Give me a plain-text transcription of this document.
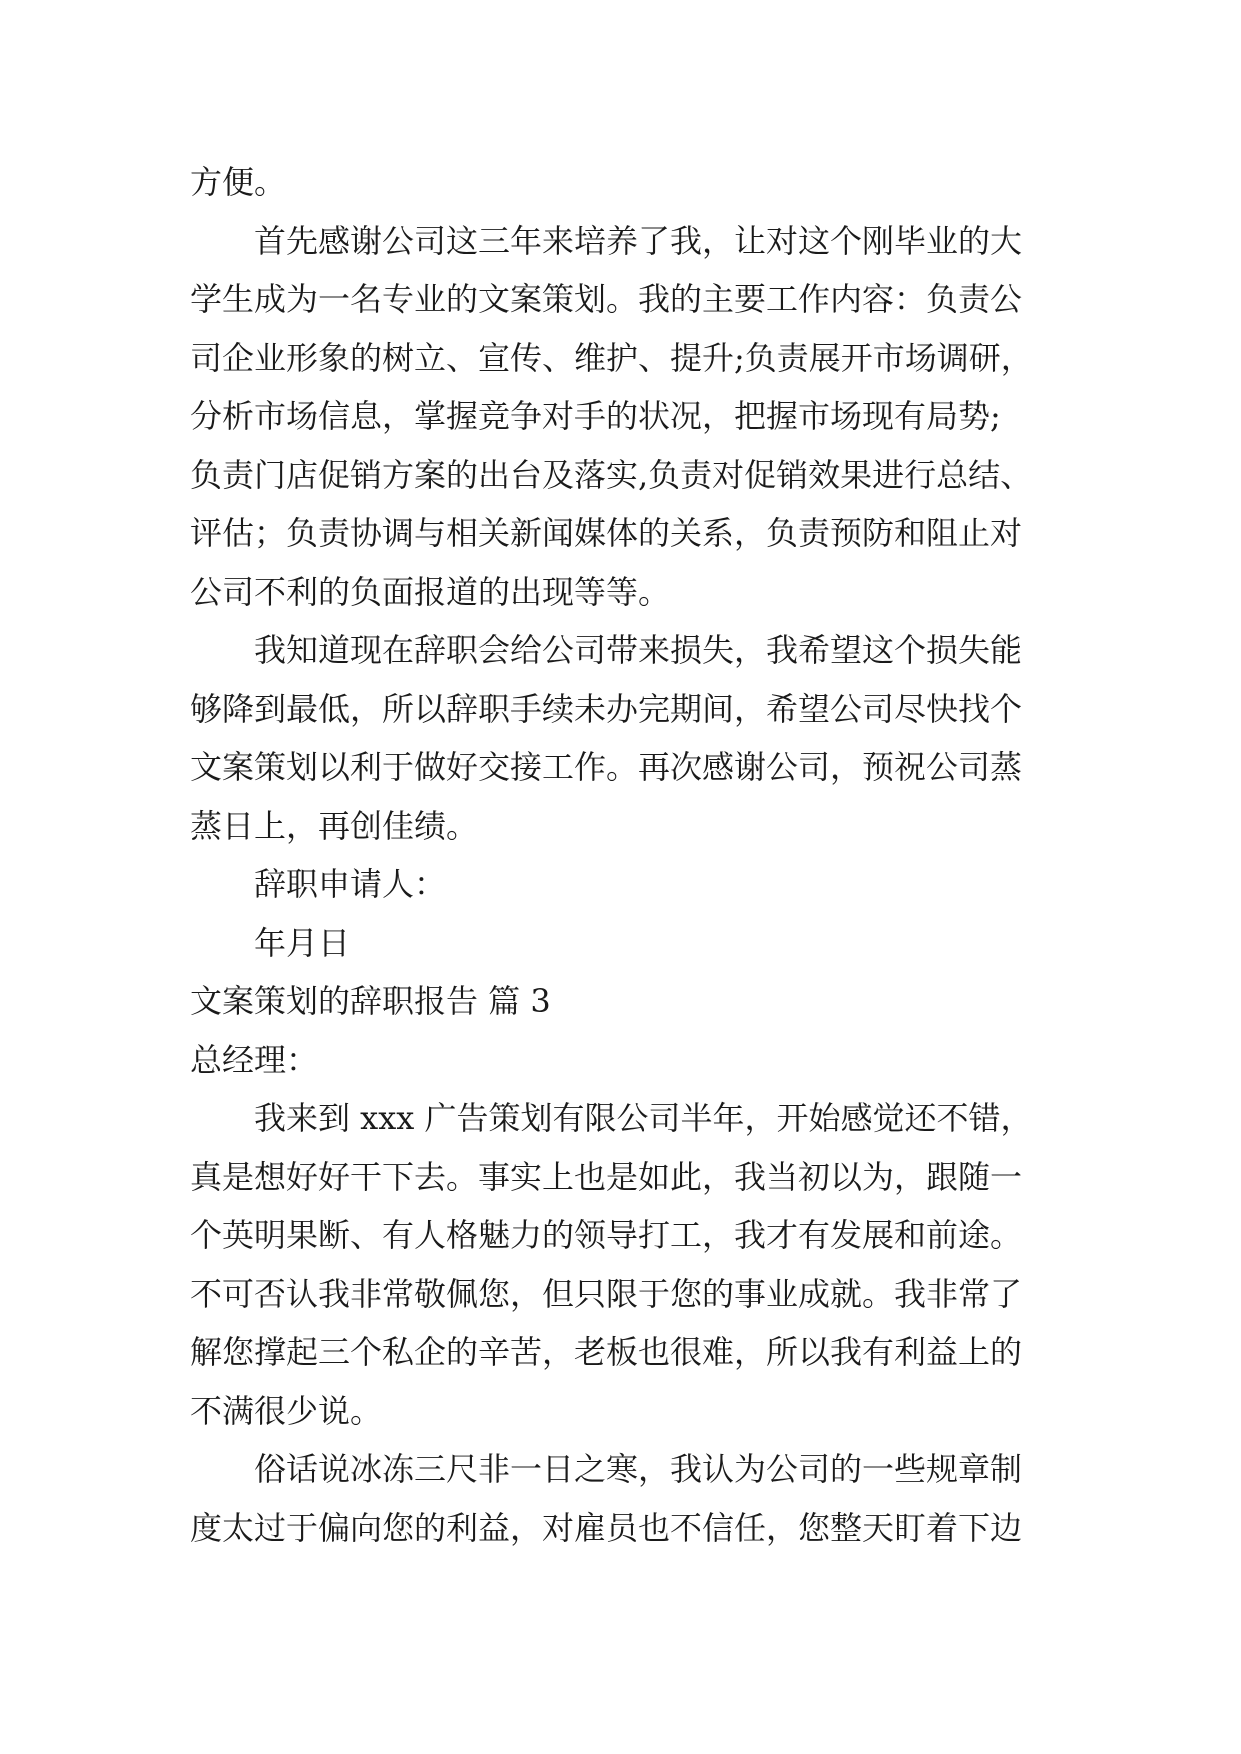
方便。
首先感谢公司这三年来培养了我，让对这个刚毕业的大
学生成为一名专业的文案策划。我的主要工作内容：负责公
司企业形象的树立、宣传、维护、提升;负责展开市场调研，
分析市场信息，掌握竞争对手的状况，把握市场现有局势;
负责门店促销方案的出台及落实,负责对促销效果进行总结、
评估；负责协调与相关新闻媒体的关系，负责预防和阻止对
公司不利的负面报道的出现等等。
我知道现在辞职会给公司带来损失，我希望这个损失能
够降到最低，所以辞职手续未办完期间，希望公司尽快找个
文案策划以利于做好交接工作。再次感谢公司，预祝公司蒸
蒸日上，再创佳绩。
辞职申请人：
年月日
文案策划的辞职报告 篇 3
总经理：
我来到 xxx 广告策划有限公司半年，开始感觉还不错，
真是想好好干下去。事实上也是如此，我当初以为，跟随一
个英明果断、有人格魅力的领导打工，我才有发展和前途。
不可否认我非常敬佩您，但只限于您的事业成就。我非常了
解您撑起三个私企的辛苦，老板也很难，所以我有利益上的
不满很少说。
俗话说冰冻三尺非一日之寒，我认为公司的一些规章制
度太过于偏向您的利益，对雇员也不信任，您整天盯着下边
